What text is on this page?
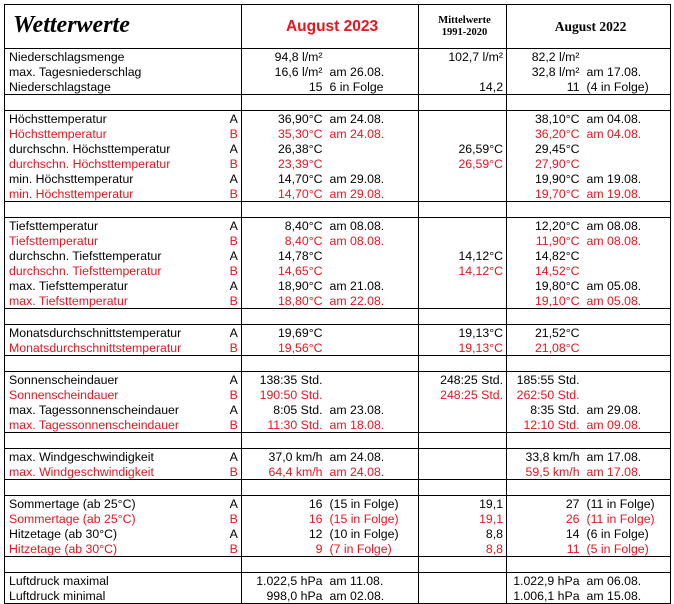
Wetterwerte		August 2023		Mittelwerte
1991-2020	August 2022	
Niederschlagsmenge		94,8 l/m²		102,7 l/m²	82,2 l/m²	
max. Tagesniederschlag		16,6 l/m²	am 26.08.		32,8 l/m²	am 17.08.
Niederschlagstage		15	6 in Folge	14,2	11	(4 in Folge)

Höchsttemperatur	A	36,90°C	am 24.08.		38,10°C	am 04.08.
Höchsttemperatur	B	35,30°C	am 24.08.		36,20°C	am 04.08.
durchschn. Höchsttemperatur	A	26,38°C		26,59°C	29,45°C	
durchschn. Höchsttemperatur	B	23,39°C		26,59°C	27,90°C	
min. Höchsttemperatur	A	14,70°C	am 29.08.		19,90°C	am 19.08.
min. Höchsttemperatur	B	14,70°C	am 29.08.		19,70°C	am 19.08.

Tiefsttemperatur	A	8,40°C	am 08.08.		12,20°C	am 08.08.
Tiefsttemperatur	B	8,40°C	am 08.08.		11,90°C	am 08.08.
durchschn. Tiefsttemperatur	A	14,78°C		14,12°C	14,82°C	
durchschn. Tiefsttemperatur	B	14,65°C		14,12°C	14,52°C	
max. Tiefsttemperatur	A	18,90°C	am 21.08.		19,80°C	am 05.08.
max. Tiefsttemperatur	B	18,80°C	am 22.08.		19,10°C	am 05.08.

Monatsdurchschnittstemperatur	A	19,69°C		19,13°C	21,52°C	
Monatsdurchschnittstemperatur	B	19,56°C		19,13°C	21,08°C	

Sonnenscheindauer	A	138:35 Std.		248:25 Std.	185:55 Std.	
Sonnenscheindauer	B	190:50 Std.		248:25 Std.	262:50 Std.	
max. Tagessonnenscheindauer	A	8:05 Std.	am 23.08.		8:35 Std.	am 29.08.
max. Tagessonnenscheindauer	B	11:30 Std.	am 18.08.		12:10 Std.	am 09.08.

max. Windgeschwindigkeit	A	37,0 km/h	am 24.08.		33,8 km/h	am 17.08.
max. Windgeschwindigkeit	B	64,4 km/h	am 24.08.		59,5 km/h	am 17.08.

Sommertage (ab 25°C)	A	16	(15 in Folge)	19,1	27	(11 in Folge)
Sommertage (ab 25°C)	B	16	(15 in Folge)	19,1	26	(11 in Folge)
Hitzetage (ab 30°C)	A	12	(10 in Folge)	8,8	14	(6 in Folge)
Hitzetage (ab 30°C)	B	9	(7 in Folge)	8,8	11	(5 in Folge)

Luftdruck maximal		1.022,5 hPa	am 11.08.		1.022,9 hPa	am 06.08.
Luftdruck minimal		998,0 hPa	am 02.08.		1.006,1 hPa	am 15.08.
